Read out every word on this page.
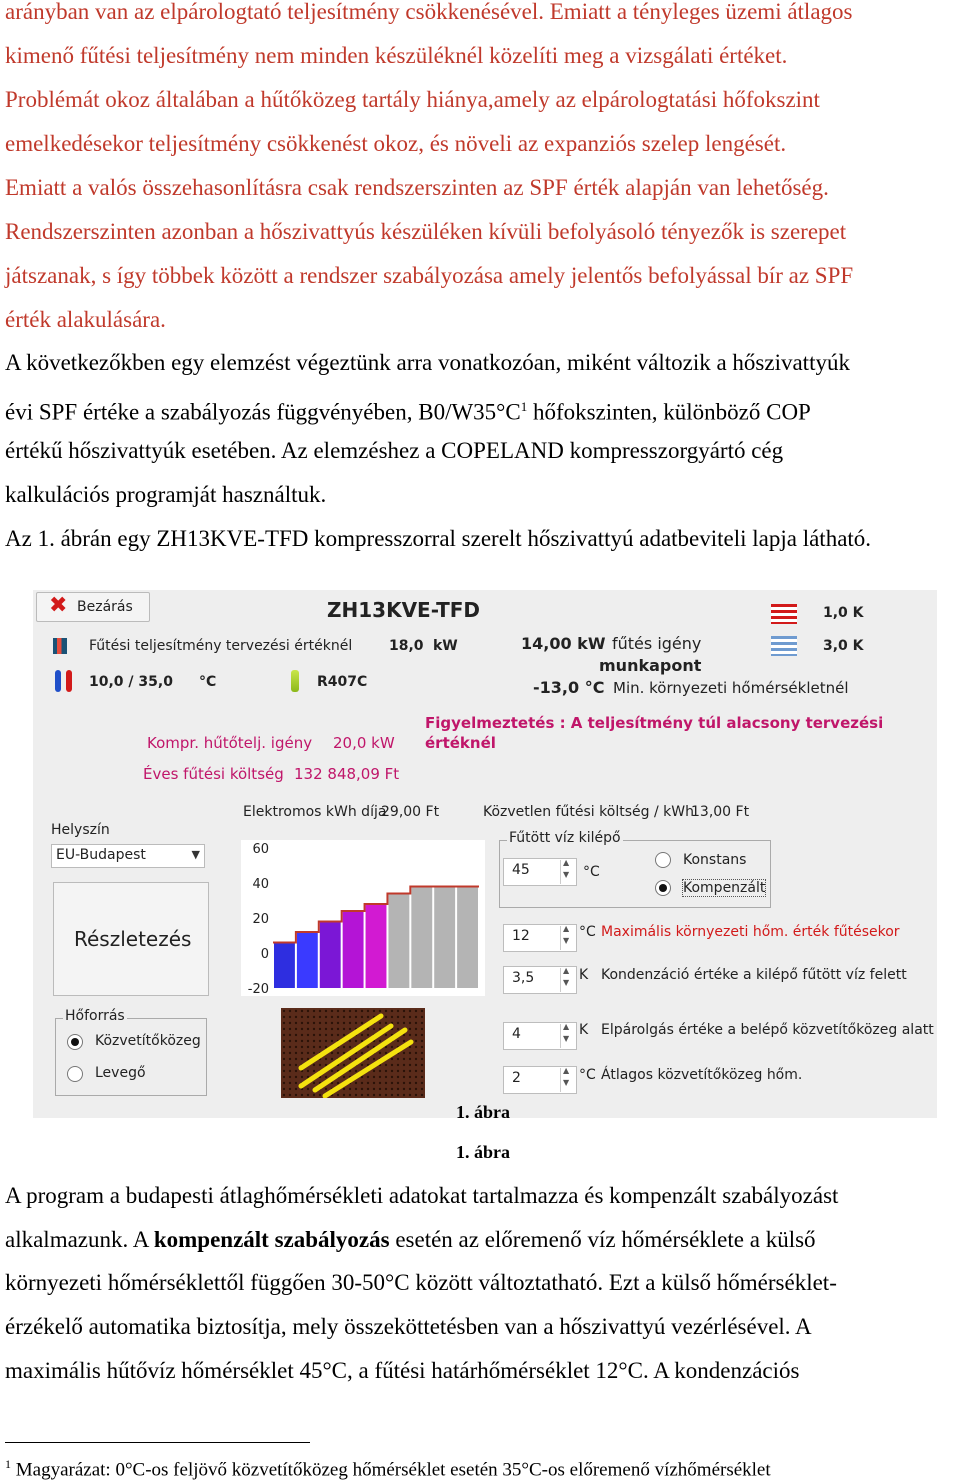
arányban van az elpárologtató teljesítmény csökkenésével. Emiatt a tényleges üzemi átlagos
kimenő fűtési teljesítmény nem minden készüléknél közelíti meg a vizsgálati értéket.
Problémát okoz általában a hűtőközeg tartály hiánya,amely az elpárologtatási hőfokszint
emelkedésekor teljesítmény csökkenést okoz, és növeli az expanziós szelep lengését.
Emiatt a valós összehasonlításra csak rendszerszinten az SPF érték alapján van lehetőség.
Rendszerszinten azonban a hőszivattyús készüléken kívüli befolyásoló tényezők is szerepet
játszanak, s így többek között a rendszer szabályozása amely jelentős befolyással bír az SPF
érték alakulására.
A következőkben egy elemzést végeztünk arra vonatkozóan, miként változik a hőszivattyúk
évi SPF értéke a szabályozás függvényében, $B0/W35^\circ C^1$ hőfokszinten, különböző COP
értékű hőszivattyúk esetében. Az elemzéshez a COPELAND kompresszorgyártó cég
kalkulációs programját használtuk.
Az 1. ábrán egy ZH13KVE-TFD kompresszorral szerelt hőszivattyú adatbeviteli lapja látható.
✖ Bezárás	ZH13KVE-TFD
Fűtési teljesítmény tervezési értéknél	18,0 kW
10,0 / 35,0 °C	R407C
14,00 kW fűtés igény
munkapont
-13,0 °C Min. környezeti hőmérsékletnél
1,0 K
3,0 K
Figyelmeztetés : A teljesítmény túl alacsony tervezési
értéknél
Kompr. hűtőtelj. igény 20,0 kW
Éves fűtési költség 132 848,09 Ft
Elektromos kWh díja
29,00 Ft	Közvetlen fűtési költség / kWh
13,00 Ft
Helyszín
EU-Budapest	▼
Részletezés
Hőforrás
Közvetítőközeg
Levegő
60
40
20
0
-20
Fűtött víz kilépő
45 ▲ ▼	°C
Konstans
Kompenzált
12 ▲ ▼	°C Maximális környezeti hőm. érték fűtésekor
3,5 ▲ ▼	K Kondenzáció értéke a kilépő fűtött víz felett
4 ▲ ▼	K Elpárolgás értéke a belépő közvetítőközeg alatt
2 ▲ ▼	°C Átlagos közvetítőközeg hőm.
1. ábra
1. ábra
A program a budapesti átlaghőmérsékleti adatokat tartalmazza és kompenzált szabályozást
alkalmazunk. A kompenzált szabályozás esetén az előremenő víz hőmérséklete a külső
környezeti hőmérséklettől függően 30-50°C között változtatható. Ezt a külső hőmérséklet-
érzékelő automatika biztosítja, mely összeköttetésben van a hőszivattyú vezérlésével. A
maximális hűtővíz hőmérséklet 45°C, a fűtési határhőmérséklet 12°C. A kondenzációs
$^1$ Magyarázat: 0°C-os feljövő közvetítőközeg hőmérséklet esetén 35°C-os előremenő vízhőmérséklet
